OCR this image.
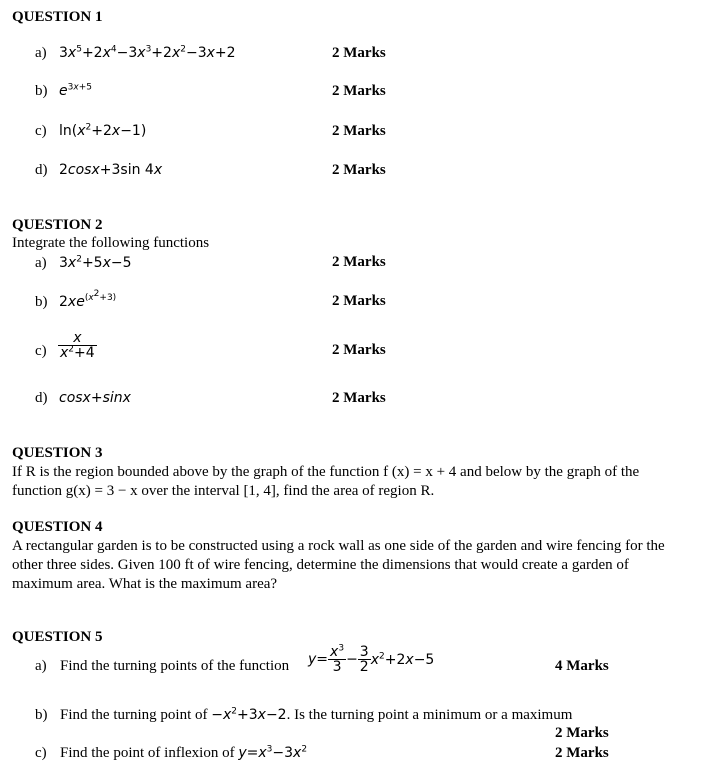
QUESTION 1
a) $3x^5+2x^4-3x^3+2x^2-3x+2$	2 Marks
b) $e^{3x+5}$	2 Marks
c) $\ln(x^2+2x-1)$	2 Marks
d) 2cosx+3sin 4x	2 Marks
QUESTION 2
Integrate the following functions
a) $3x^2+5x-5$	2 Marks
b) $2xe^{(x^2+3)}$	2 Marks
$c) \frac{x}{x^2+4}$	2 Marks
d) cosx+sinx	2 Marks
QUESTION 3
If R is the region bounded above by the graph of the function f (x) = x + 4 and below by the graph of the function g(x) = 3 − x over the interval [1, 4], find the area of region R.
QUESTION 4
A rectangular garden is to be constructed using a rock wall as one side of the garden and wire fencing for the other three sides. Given 100 ft of wire fencing, determine the dimensions that would create a garden of maximum area. What is the maximum area?
QUESTION 5
a) Find the turning points of the function $y= \frac{x^3}{3} - \frac{3}{2} x^2+2x-5$	4 Marks
b) Find the turning point of $-x^2+3x-2$. Is the turning point a minimum or a maximum
2 Marks
c) Find the point of inflexion of $y=x^3-3x^2$	2 Marks
